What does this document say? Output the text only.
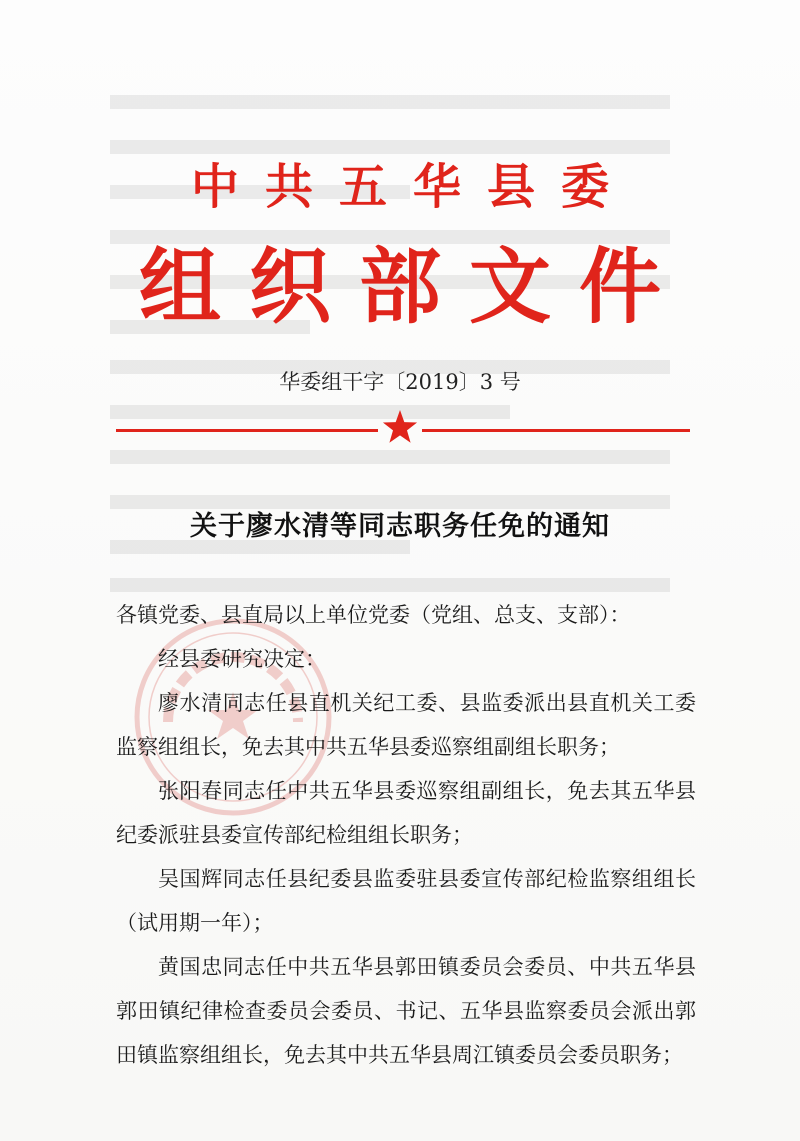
中共五华县委
组织部文件
华委组干字〔2019〕3 号
关于廖水清等同志职务任免的通知

各镇党委、县直局以上单位党委（党组、总支、支部）：

经县委研究决定：

廖水清同志任县直机关纪工委、县监委派出县直机关工委监察组组长，免去其中共五华县委巡察组副组长职务；

张阳春同志任中共五华县委巡察组副组长，免去其五华县纪委派驻县委宣传部纪检组组长职务；

吴国辉同志任县纪委县监委驻县委宣传部纪检监察组组长（试用期一年）；

黄国忠同志任中共五华县郭田镇委员会委员、中共五华县郭田镇纪律检查委员会委员、书记、五华县监察委员会派出郭田镇监察组组长，免去其中共五华县周江镇委员会委员职务；
